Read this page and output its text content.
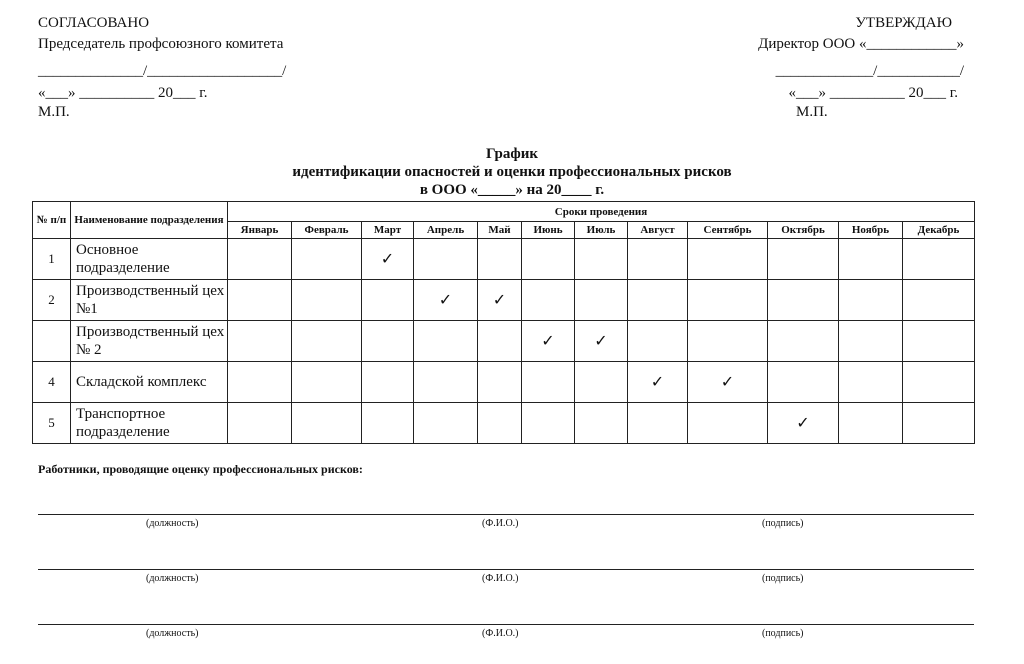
СОГЛАСОВАНО
Председатель профсоюзного комитета
______________/__________________/
«___» __________ 20___ г.
М.П.
УТВЕРЖДАЮ
Директор ООО «____________»
_____________/___________/
«___» __________ 20___ г.
М.П.
График
идентификации опасностей и оценки профессиональных рисков
в ООО «_____» на 20____ г.
№ п/п	Наименование подразделения	Сроки проведения											
		Январь	Февраль	Март	Апрель	Май	Июнь	Июль	Август	Сентябрь	Октябрь	Ноябрь	Декабрь
1	Основное подразделение			✓									
2	Производственный цех №1				✓	✓							
	Производственный цех № 2						✓	✓					
4	Складской комплекс								✓	✓			
5	Транспортное подразделение										✓		
Работники, проводящие оценку профессиональных рисков:
(должность)	(Ф.И.О.)	(подпись)
(должность)	(Ф.И.О.)	(подпись)
(должность)	(Ф.И.О.)	(подпись)
